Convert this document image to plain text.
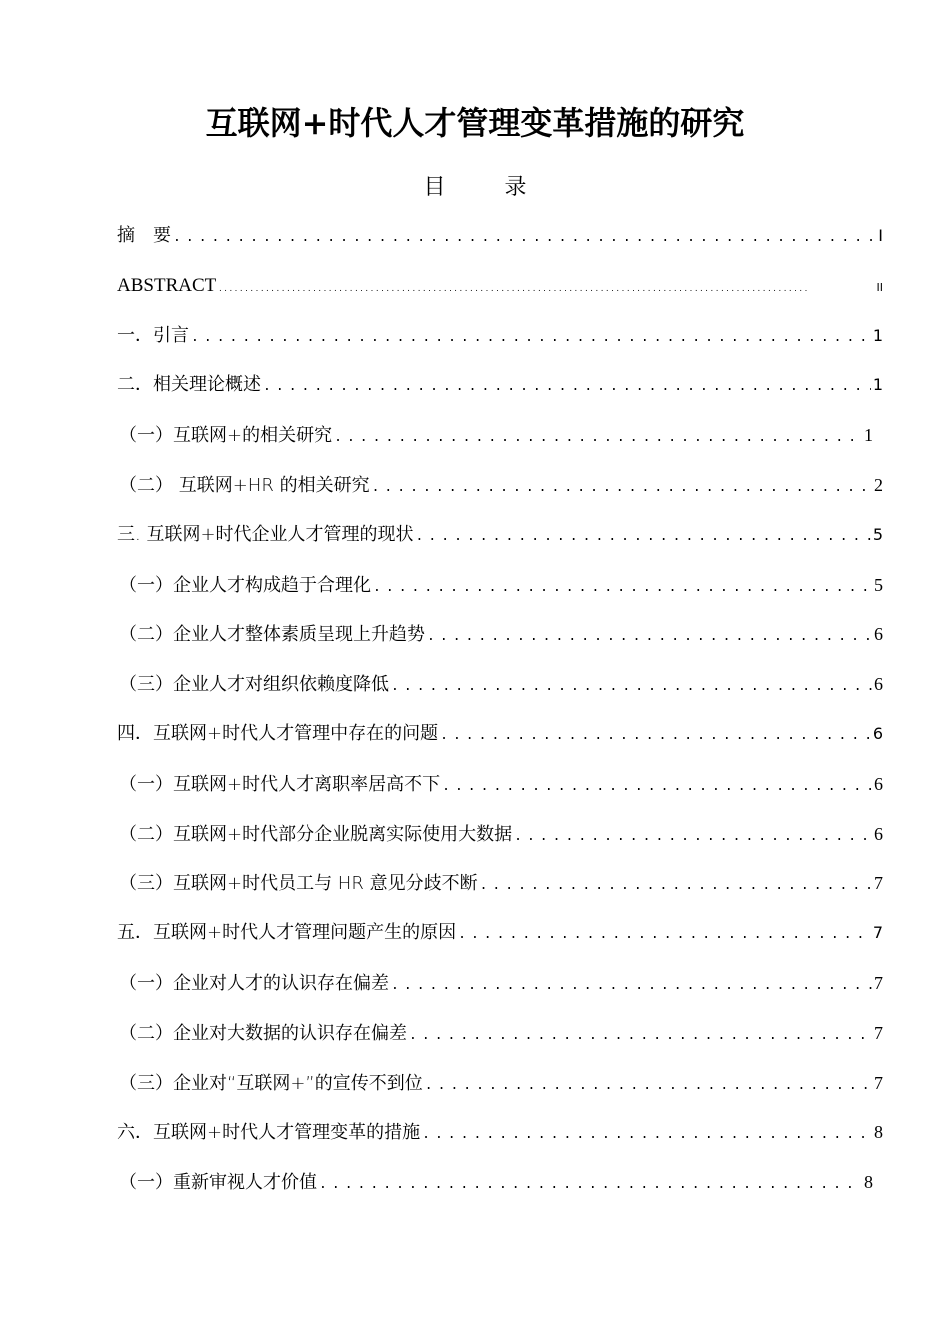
互联网+时代人才管理变革措施的研究
目 录
摘　要 . . .	I
ABSTRACT . . .	II
一．引言 . . .	1
二．相关理论概述 . . .	1
（一）互联网+的相关研究 . . .	1
（二） 互联网+HR 的相关研究 . . .	2
三. 互联网+时代企业人才管理的现状 . . .	5
（一）企业人才构成趋于合理化 . . .	5
（二）企业人才整体素质呈现上升趋势 . . .	6
（三）企业人才对组织依赖度降低 . . .	6
四．互联网+时代人才管理中存在的问题 . . .	6
（一）互联网+时代人才离职率居高不下 . . .	6
（二）互联网+时代部分企业脱离实际使用大数据 . . .	6
（三）互联网+时代员工与 HR 意见分歧不断 . . .	7
五．互联网+时代人才管理问题产生的原因 . . .	7
（一）企业对人才的认识存在偏差 . . .	7
（二）企业对大数据的认识存在偏差 . . .	7
（三）企业对“互联网+”的宣传不到位 . . .	7
六．互联网+时代人才管理变革的措施 . . .	8
（一）重新审视人才价值 . . .	8
